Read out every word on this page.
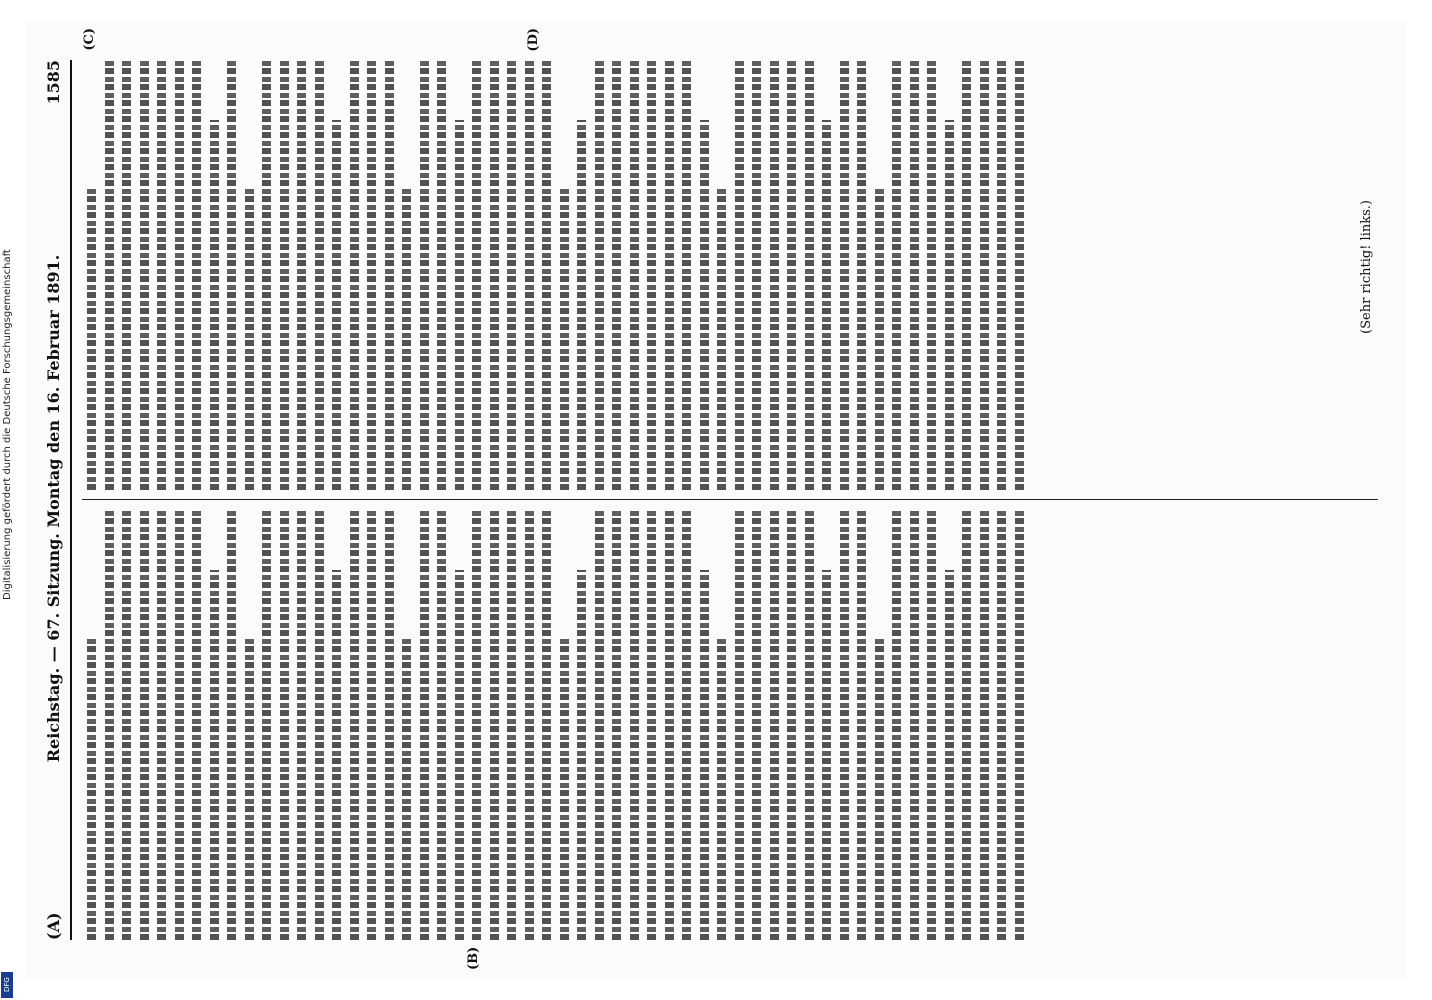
(A)
Reichstag. — 67. Sitzung. Montag den 16. Februar 1891.
1585
(B)
(C)	(D)
(Sehr richtig! links.)
Digitalisierung gefördert durch die Deutsche Forschungsgemeinschaft
DFG
